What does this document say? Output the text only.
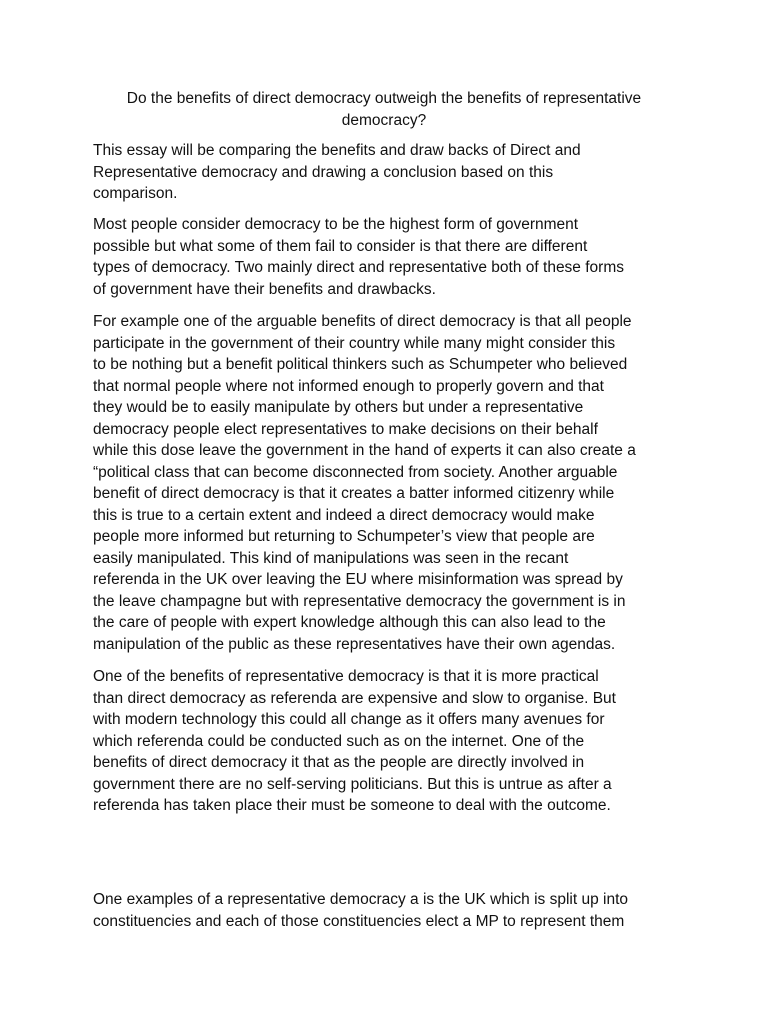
Do the benefits of direct democracy outweigh the benefits of representative
democracy?
This essay will be comparing the benefits and draw backs of Direct and
Representative democracy and drawing a conclusion based on this
comparison.
Most people consider democracy to be the highest form of government
possible but what some of them fail to consider is that there are different
types of democracy. Two mainly direct and representative both of these forms
of government have their benefits and drawbacks.
For example one of the arguable benefits of direct democracy is that all people
participate in the government of their country while many might consider this
to be nothing but a benefit political thinkers such as Schumpeter who believed
that normal people where not informed enough to properly govern and that
they would be to easily manipulate by others but under a representative
democracy people elect representatives to make decisions on their behalf
while this dose leave the government in the hand of experts it can also create a
“political class that can become disconnected from society. Another arguable
benefit of direct democracy is that it creates a batter informed citizenry while
this is true to a certain extent and indeed a direct democracy would make
people more informed but returning to Schumpeter’s view that people are
easily manipulated. This kind of manipulations was seen in the recant
referenda in the UK over leaving the EU where misinformation was spread by
the leave champagne but with representative democracy the government is in
the care of people with expert knowledge although this can also lead to the
manipulation of the public as these representatives have their own agendas.
One of the benefits of representative democracy is that it is more practical
than direct democracy as referenda are expensive and slow to organise. But
with modern technology this could all change as it offers many avenues for
which referenda could be conducted such as on the internet. One of the
benefits of direct democracy it that as the people are directly involved in
government there are no self-serving politicians. But this is untrue as after a
referenda has taken place their must be someone to deal with the outcome.
One examples of a representative democracy a is the UK which is split up into
constituencies and each of those constituencies elect a MP to represent them
